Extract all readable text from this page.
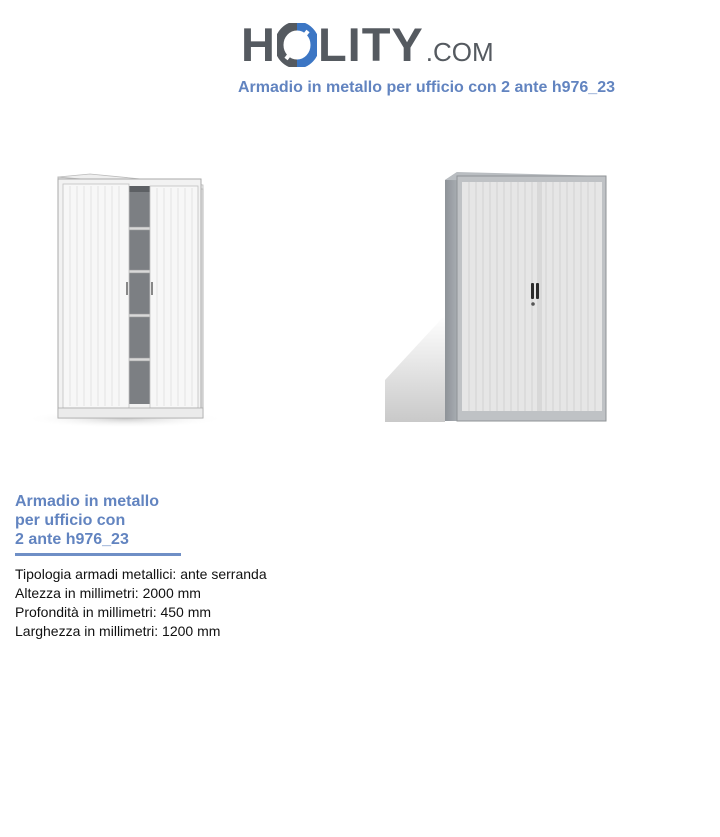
H LITY .COM
Armadio in metallo per ufficio con 2 ante h976_23
Armadio in metallo
per ufficio con
2 ante h976_23
Tipologia armadi metallici: ante serranda
Altezza in millimetri: 2000 mm
Profondità in millimetri: 450 mm
Larghezza in millimetri: 1200 mm
